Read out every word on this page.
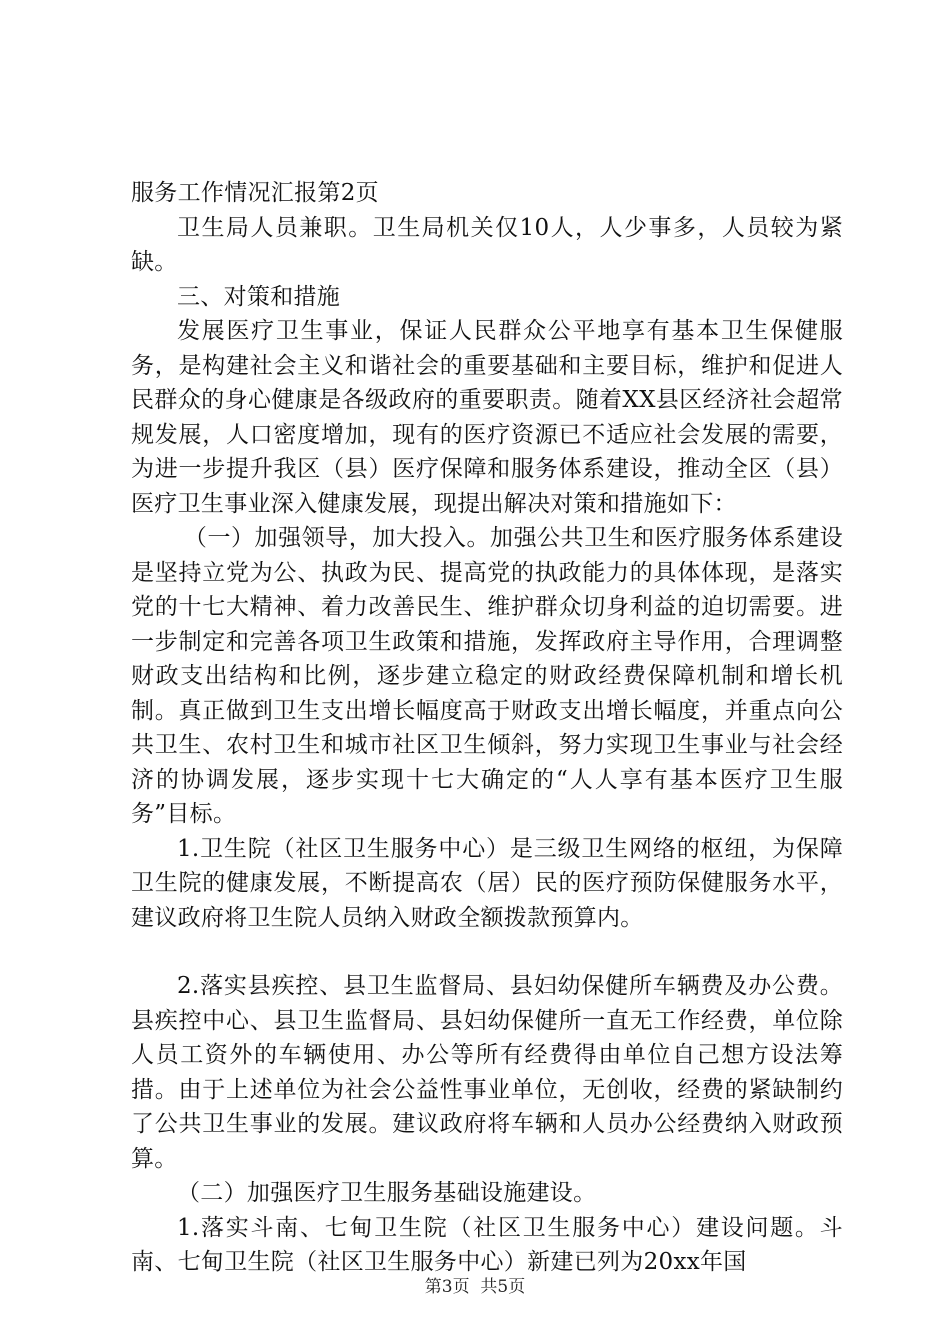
服务工作情况汇报第2页

卫生局人员兼职。卫生局机关仅10人，人少事多，人员较为紧缺。

三、对策和措施

发展医疗卫生事业，保证人民群众公平地享有基本卫生保健服务，是构建社会主义和谐社会的重要基础和主要目标，维护和促进人民群众的身心健康是各级政府的重要职责。随着XX县区经济社会超常规发展，人口密度增加，现有的医疗资源已不适应社会发展的需要，为进一步提升我区（县）医疗保障和服务体系建设，推动全区（县）医疗卫生事业深入健康发展，现提出解决对策和措施如下：

（一）加强领导，加大投入。加强公共卫生和医疗服务体系建设是坚持立党为公、执政为民、提高党的执政能力的具体体现，是落实党的十七大精神、着力改善民生、维护群众切身利益的迫切需要。进一步制定和完善各项卫生政策和措施，发挥政府主导作用，合理调整财政支出结构和比例，逐步建立稳定的财政经费保障机制和增长机制。真正做到卫生支出增长幅度高于财政支出增长幅度，并重点向公共卫生、农村卫生和城市社区卫生倾斜，努力实现卫生事业与社会经济的协调发展，逐步实现十七大确定的“人人享有基本医疗卫生服务”目标。

1.卫生院（社区卫生服务中心）是三级卫生网络的枢纽，为保障卫生院的健康发展，不断提高农（居）民的医疗预防保健服务水平，建议政府将卫生院人员纳入财政全额拨款预算内。

2.落实县疾控、县卫生监督局、县妇幼保健所车辆费及办公费。县疾控中心、县卫生监督局、县妇幼保健所一直无工作经费，单位除人员工资外的车辆使用、办公等所有经费得由单位自己想方设法筹措。由于上述单位为社会公益性事业单位，无创收，经费的紧缺制约了公共卫生事业的发展。建议政府将车辆和人员办公经费纳入财政预算。

（二）加强医疗卫生服务基础设施建设。

1.落实斗南、七甸卫生院（社区卫生服务中心）建设问题。斗南、七甸卫生院（社区卫生服务中心）新建已列为20xx年国

第3页  共5页
